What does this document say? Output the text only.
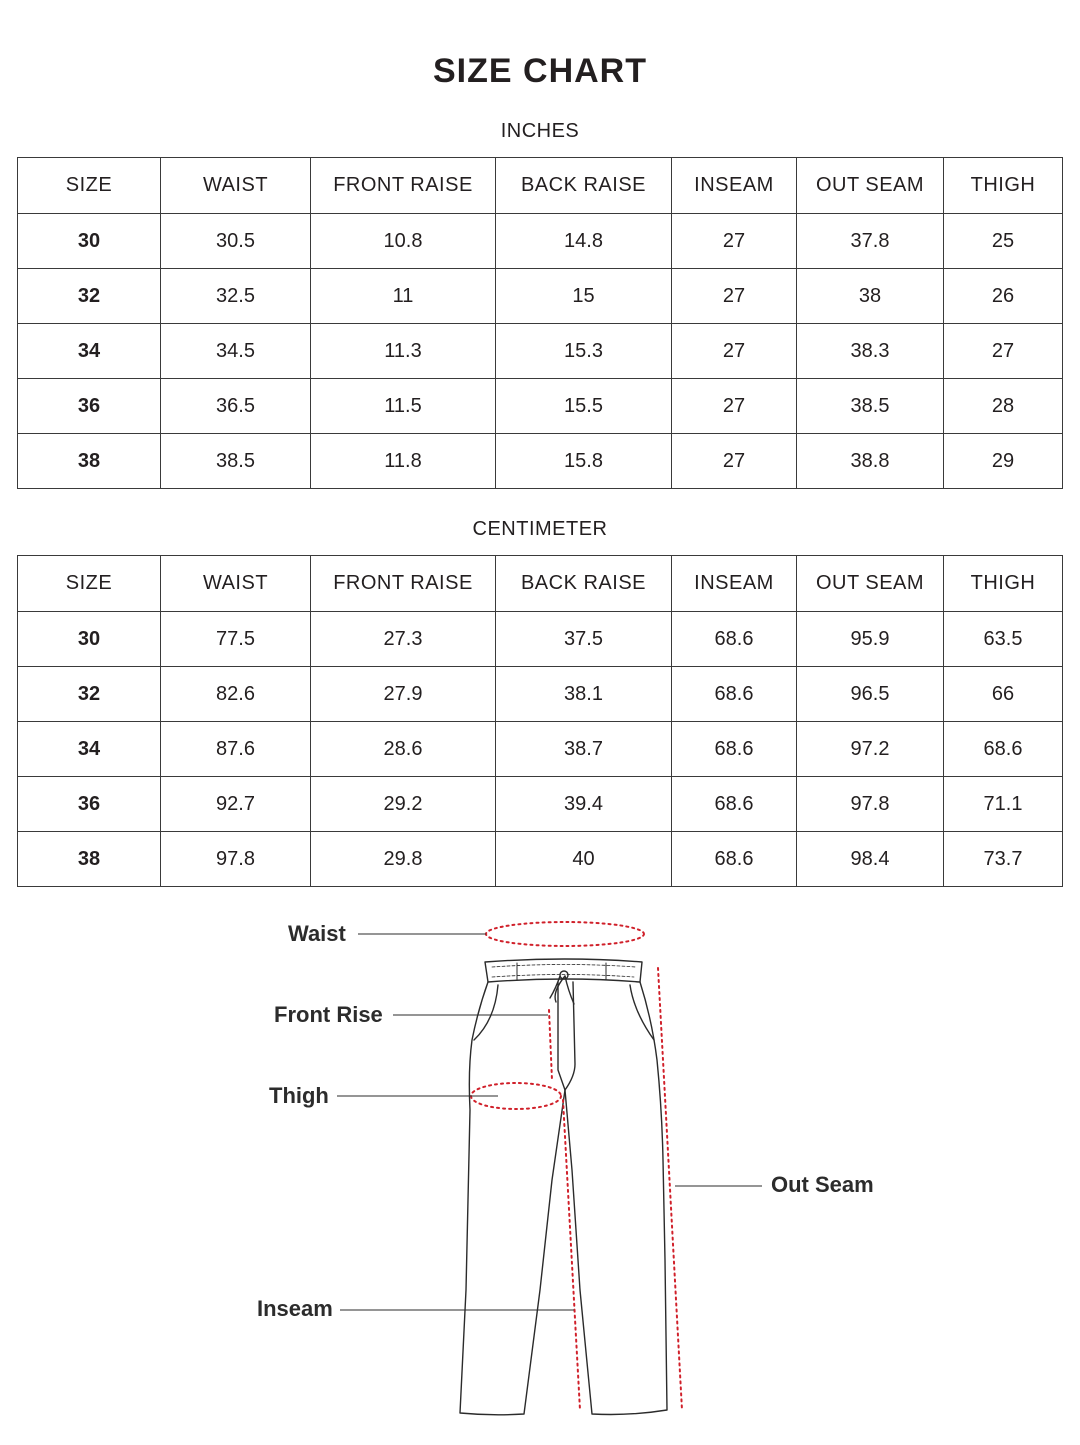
SIZE CHART
INCHES
SIZE	WAIST	FRONT RAISE	BACK RAISE	INSEAM	OUT SEAM	THIGH
30	30.5	10.8	14.8	27	37.8	25
32	32.5	11	15	27	38	26
34	34.5	11.3	15.3	27	38.3	27
36	36.5	11.5	15.5	27	38.5	28
38	38.5	11.8	15.8	27	38.8	29
CENTIMETER
SIZE	WAIST	FRONT RAISE	BACK RAISE	INSEAM	OUT SEAM	THIGH
30	77.5	27.3	37.5	68.6	95.9	63.5
32	82.6	27.9	38.1	68.6	96.5	66
34	87.6	28.6	38.7	68.6	97.2	68.6
36	92.7	29.2	39.4	68.6	97.8	71.1
38	97.8	29.8	40	68.6	98.4	73.7
Waist
Front Rise
Thigh
Out Seam
Inseam
